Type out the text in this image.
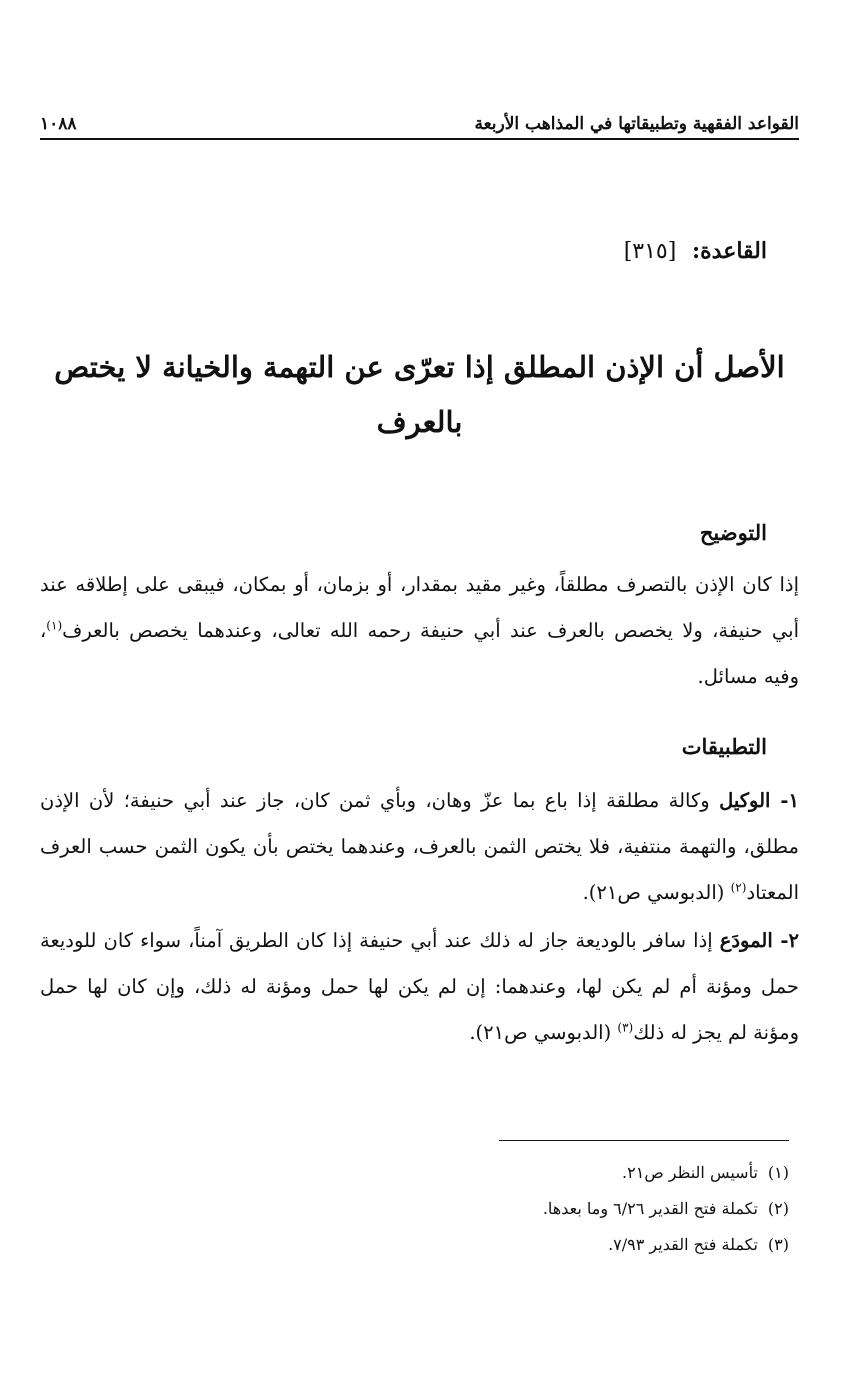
القواعد الفقهية وتطبيقاتها في المذاهب الأربعة
١٠٨٨
القاعدة: [٣١٥]
الأصل أن الإذن المطلق إذا تعرّى عن التهمة والخيانة لا يختص بالعرف
التوضيح

إذا كان الإذن بالتصرف مطلقاً، وغير مقيد بمقدار، أو بزمان، أو بمكان، فيبقى على إطلاقه عند أبي حنيفة، ولا يخصص بالعرف عند أبي حنيفة رحمه الله تعالى، وعندهما يخصص بالعرف$^{(١)}$، وفيه مسائل.

التطبيقات

١- الوكيل وكالة مطلقة إذا باع بما عزّ وهان، وبأي ثمن كان، جاز عند أبي حنيفة؛ لأن الإذن مطلق، والتهمة منتفية، فلا يختص الثمن بالعرف، وعندهما يختص بأن يكون الثمن حسب العرف المعتاد$^{(٢)}$ (الدبوسي ص٢١).

٢- المودَع إذا سافر بالوديعة جاز له ذلك عند أبي حنيفة إذا كان الطريق آمناً، سواء كان للوديعة حمل ومؤنة أم لم يكن لها، وعندهما: إن لم يكن لها حمل ومؤنة له ذلك، وإن كان لها حمل ومؤنة لم يجز له ذلك$^{(٣)}$ (الدبوسي ص٢١).

(١)تأسيس النظر ص٢١.
(٢)تكملة فتح القدير ٦/٢٦ وما بعدها.
(٣)تكملة فتح القدير ٧/٩٣.
